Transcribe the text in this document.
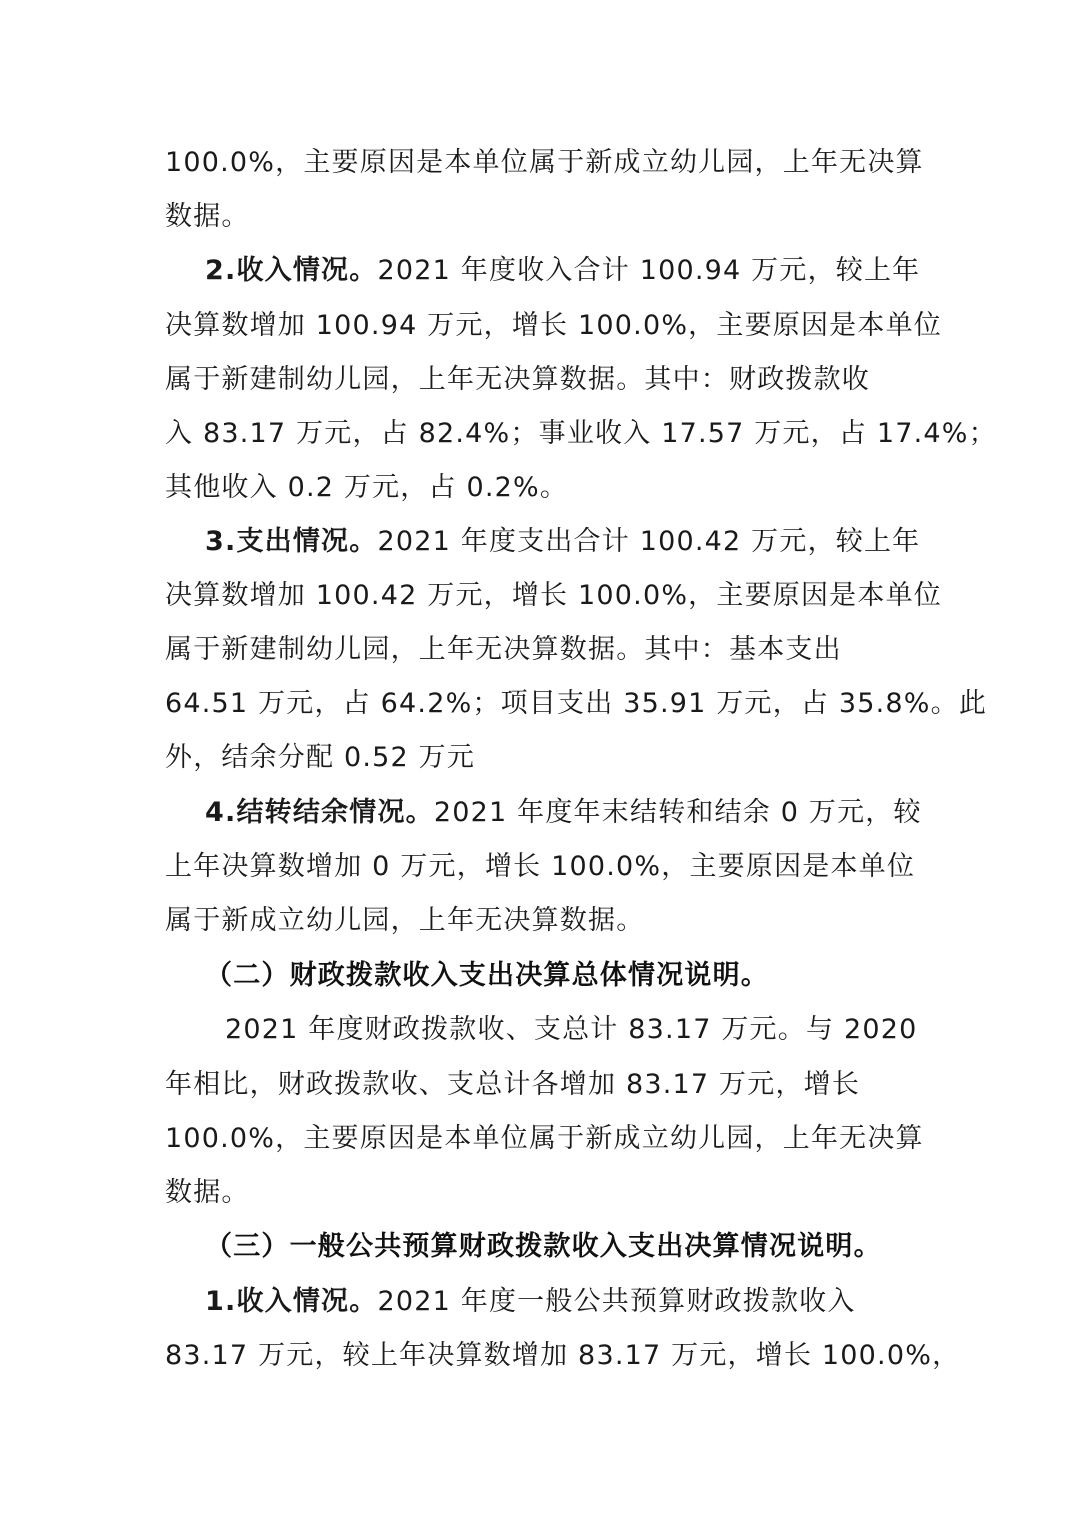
100.0%，主要原因是本单位属于新成立幼儿园，上年无决算
数据。
2.收入情况。2021 年度收入合计 100.94 万元，较上年
决算数增加 100.94 万元，增长 100.0%，主要原因是本单位
属于新建制幼儿园，上年无决算数据。其中：财政拨款收
入 83.17 万元，占 82.4%；事业收入 17.57 万元，占 17.4%；
其他收入 0.2 万元，占 0.2%。
3.支出情况。2021 年度支出合计 100.42 万元，较上年
决算数增加 100.42 万元，增长 100.0%，主要原因是本单位
属于新建制幼儿园，上年无决算数据。其中：基本支出
64.51 万元，占 64.2%；项目支出 35.91 万元，占 35.8%。此
外，结余分配 0.52 万元
4.结转结余情况。2021 年度年末结转和结余 0 万元，较
上年决算数增加 0 万元，增长 100.0%，主要原因是本单位
属于新成立幼儿园，上年无决算数据。
（二）财政拨款收入支出决算总体情况说明。
2021 年度财政拨款收、支总计 83.17 万元。与 2020
年相比，财政拨款收、支总计各增加 83.17 万元，增长
100.0%，主要原因是本单位属于新成立幼儿园，上年无决算
数据。
（三）一般公共预算财政拨款收入支出决算情况说明。
1.收入情况。2021 年度一般公共预算财政拨款收入
83.17 万元，较上年决算数增加 83.17 万元，增长 100.0%，
